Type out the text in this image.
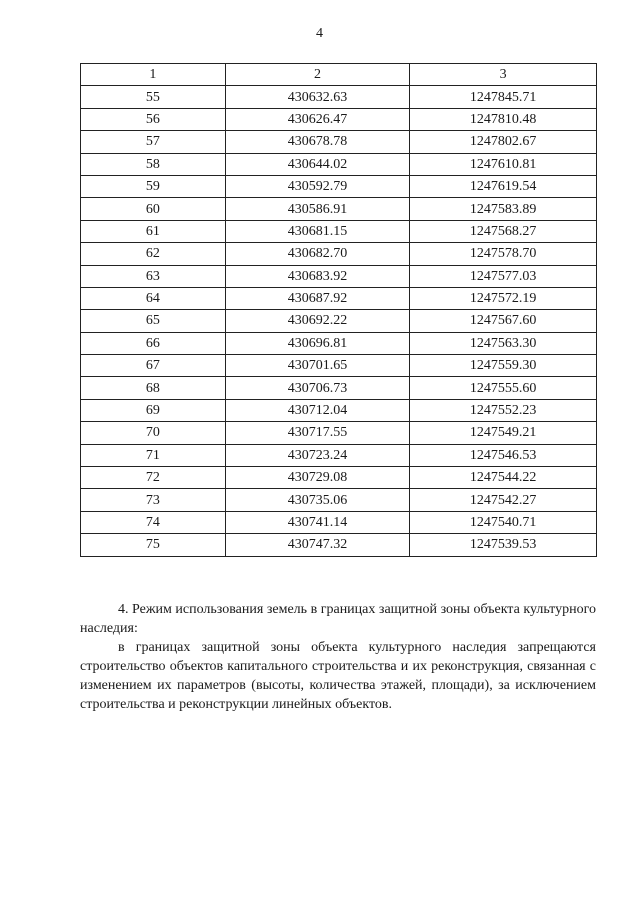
4
1	2	3
55	430632.63	1247845.71
56	430626.47	1247810.48
57	430678.78	1247802.67
58	430644.02	1247610.81
59	430592.79	1247619.54
60	430586.91	1247583.89
61	430681.15	1247568.27
62	430682.70	1247578.70
63	430683.92	1247577.03
64	430687.92	1247572.19
65	430692.22	1247567.60
66	430696.81	1247563.30
67	430701.65	1247559.30
68	430706.73	1247555.60
69	430712.04	1247552.23
70	430717.55	1247549.21
71	430723.24	1247546.53
72	430729.08	1247544.22
73	430735.06	1247542.27
74	430741.14	1247540.71
75	430747.32	1247539.53

4. Режим использования земель в границах защитной зоны объекта культурного наследия:

в границах защитной зоны объекта культурного наследия запрещаются строительство объектов капитального строительства и их реконструкция, связанная с изменением их параметров (высоты, количества этажей, площади), за исключением строительства и реконструкции линейных объектов.
